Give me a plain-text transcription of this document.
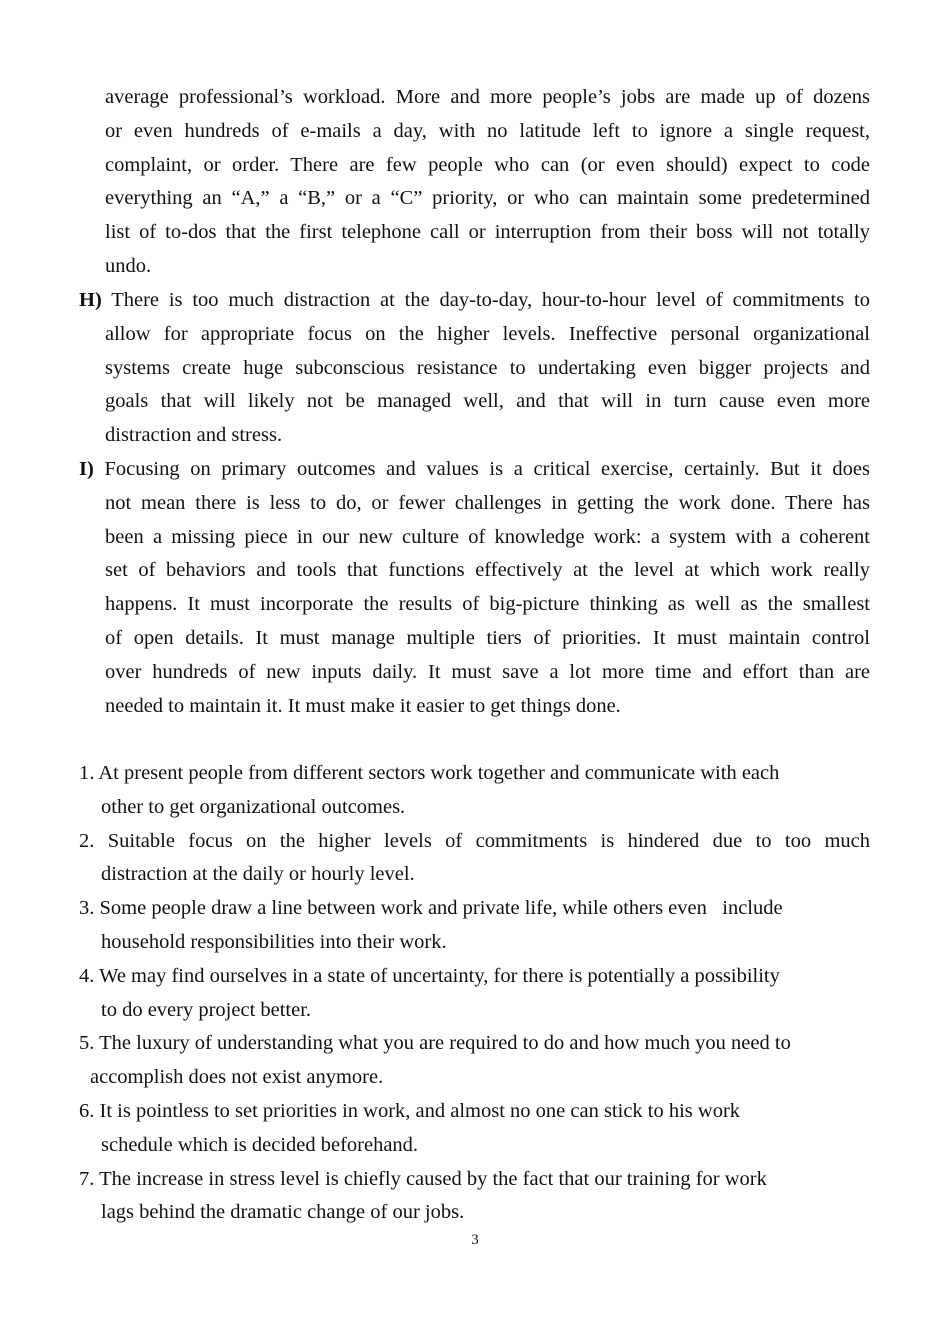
average professional’s workload. More and more people’s jobs are made up of dozens
or even hundreds of e-mails a day, with no latitude left to ignore a single request,
complaint, or order. There are few people who can (or even should) expect to code
everything an “A,” a “B,” or a “C” priority, or who can maintain some predetermined
list of to-dos that the first telephone call or interruption from their boss will not totally
undo.
H) There is too much distraction at the day-to-day, hour-to-hour level of commitments to
allow for appropriate focus on the higher levels. Ineffective personal organizational
systems create huge subconscious resistance to undertaking even bigger projects and
goals that will likely not be managed well, and that will in turn cause even more
distraction and stress.
I) Focusing on primary outcomes and values is a critical exercise, certainly. But it does
not mean there is less to do, or fewer challenges in getting the work done. There has
been a missing piece in our new culture of knowledge work: a system with a coherent
set of behaviors and tools that functions effectively at the level at which work really
happens. It must incorporate the results of big-picture thinking as well as the smallest
of open details. It must manage multiple tiers of priorities. It must maintain control
over hundreds of new inputs daily. It must save a lot more time and effort than are
needed to maintain it. It must make it easier to get things done.
1. At present people from different sectors work together and communicate with each
other to get organizational outcomes.
2. Suitable focus on the higher levels of commitments is hindered due to too much
distraction at the daily or hourly level.
3. Some people draw a line between work and private life, while others even   include
household responsibilities into their work.
4. We may find ourselves in a state of uncertainty, for there is potentially a possibility
to do every project better.
5. The luxury of understanding what you are required to do and how much you need to
accomplish does not exist anymore.
6. It is pointless to set priorities in work, and almost no one can stick to his work
schedule which is decided beforehand.
7. The increase in stress level is chiefly caused by the fact that our training for work
lags behind the dramatic change of our jobs.
3
